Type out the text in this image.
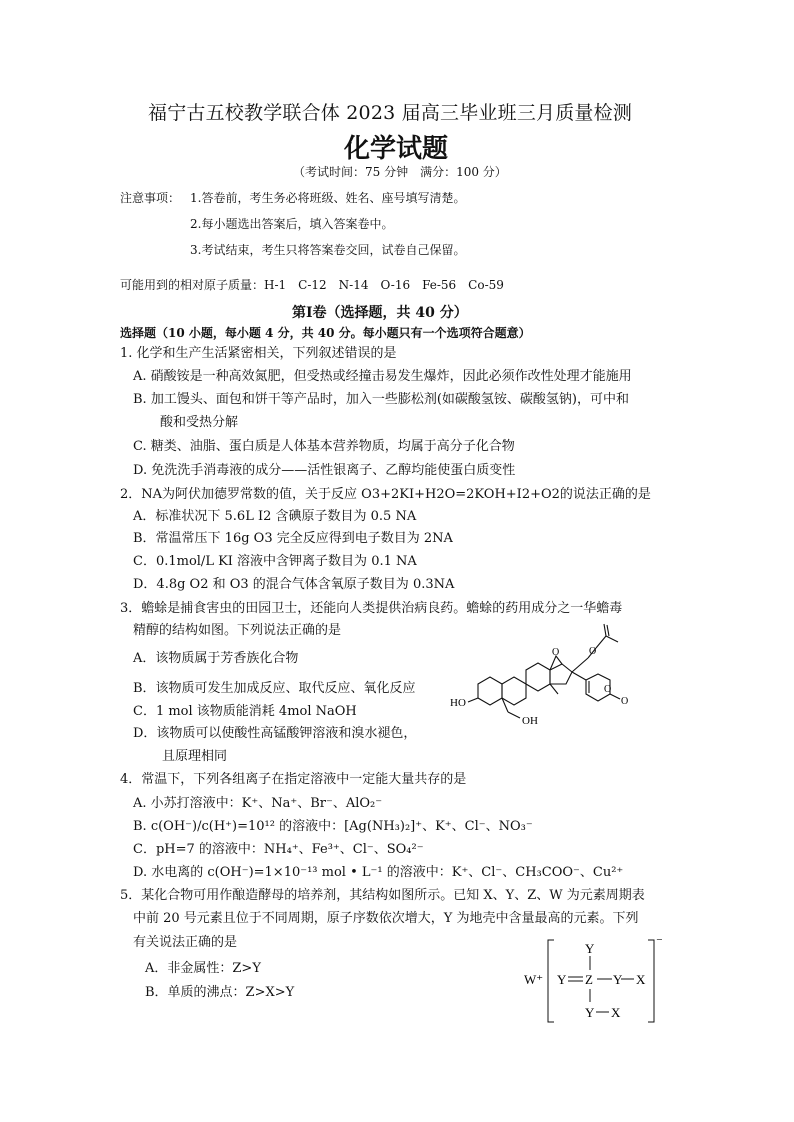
福宁古五校教学联合体 2023 届高三毕业班三月质量检测
化学试题
（考试时间：75 分钟　满分：100 分）
注意事项： 1.答卷前，考生务必将班级、姓名、座号填写清楚。
2.每小题选出答案后，填入答案卷中。
3.考试结束，考生只将答案卷交回，试卷自己保留。
可能用到的相对原子质量：H-1　C-12　N-14　O-16　Fe-56　Co-59
第Ⅰ卷（选择题，共 40 分）
选择题（10 小题，每小题 4 分，共 40 分。每小题只有一个选项符合题意）
1. 化学和生产生活紧密相关，下列叙述错误的是
A. 硝酸铵是一种高效氮肥，但受热或经撞击易发生爆炸，因此必须作改性处理才能施用
B. 加工馒头、面包和饼干等产品时，加入一些膨松剂(如碳酸氢铵、碳酸氢钠)，可中和
酸和受热分解
C. 糖类、油脂、蛋白质是人体基本营养物质，均属于高分子化合物
D. 免洗洗手消毒液的成分——活性银离子、乙醇均能使蛋白质变性
2．NA为阿伏加德罗常数的值，关于反应 O3+2KI+H2O=2KOH+I2+O2的说法正确的是
A．标准状况下 5.6L I2 含碘原子数目为 0.5 NA
B．常温常压下 16g O3 完全反应得到电子数目为 2NA
C．0.1mol/L KI 溶液中含钾离子数目为 0.1 NA
D．4.8g O2 和 O3 的混合气体含氧原子数目为 0.3NA
3．蟾蜍是捕食害虫的田园卫士，还能向人类提供治病良药。蟾蜍的药用成分之一华蟾毒
精醇的结构如图。下列说法正确的是
A．该物质属于芳香族化合物
B．该物质可发生加成反应、取代反应、氧化反应
C．1 mol 该物质能消耗 4mol NaOH
D．该物质可以使酸性高锰酸钾溶液和溴水褪色，
且原理相同
HO
OH
O	O
O
O
4．常温下，下列各组离子在指定溶液中一定能大量共存的是
A. 小苏打溶液中：K⁺、Na⁺、Br⁻、AlO₂⁻
B. c(OH⁻)/c(H⁺)=10¹² 的溶液中：[Ag(NH₃)₂]⁺、K⁺、Cl⁻、NO₃⁻
C．pH=7 的溶液中：NH₄⁺、Fe³⁺、Cl⁻、SO₄²⁻
D. 水电离的 c(OH⁻)=1×10⁻¹³ mol • L⁻¹ 的溶液中：K⁺、Cl⁻、CH₃COO⁻、Cu²⁺
5．某化合物可用作酿造酵母的培养剂，其结构如图所示。已知 X、Y、Z、W 为元素周期表
中前 20 号元素且位于不同周期，原子序数依次增大，Y 为地壳中含量最高的元素。下列
有关说法正确的是
A．非金属性：Z>Y
B．单质的沸点：Z>X>Y
W⁺
⁻
Y
Y Z Y X
Y X
